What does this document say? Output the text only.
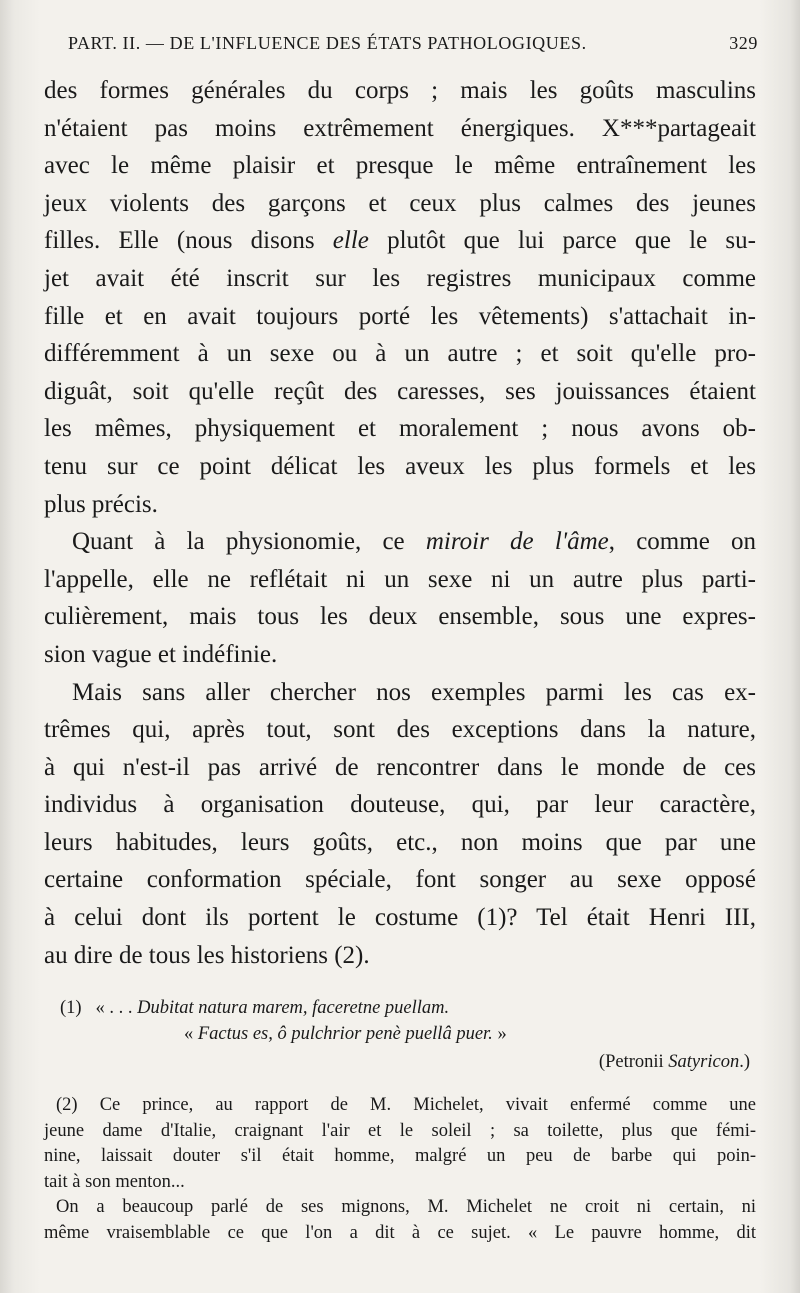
PART. II. — DE L'INFLUENCE DES ÉTATS PATHOLOGIQUES.	329

des formes générales du corps ; mais les goûts masculins

n'étaient pas moins extrêmement énergiques. X***partageait

avec le même plaisir et presque le même entraînement les

jeux violents des garçons et ceux plus calmes des jeunes

filles. Elle (nous disons elle plutôt que lui parce que le su-

jet avait été inscrit sur les registres municipaux comme

fille et en avait toujours porté les vêtements) s'attachait in-

différemment à un sexe ou à un autre ; et soit qu'elle pro-

diguât, soit qu'elle reçût des caresses, ses jouissances étaient

les mêmes, physiquement et moralement ; nous avons ob-

tenu sur ce point délicat les aveux les plus formels et les

plus précis.

Quant à la physionomie, ce miroir de l'âme, comme on

l'appelle, elle ne reflétait ni un sexe ni un autre plus parti-

culièrement, mais tous les deux ensemble, sous une expres-

sion vague et indéfinie.

Mais sans aller chercher nos exemples parmi les cas ex-

trêmes qui, après tout, sont des exceptions dans la nature,

à qui n'est-il pas arrivé de rencontrer dans le monde de ces

individus à organisation douteuse, qui, par leur caractère,

leurs habitudes, leurs goûts, etc., non moins que par une

certaine conformation spéciale, font songer au sexe opposé

à celui dont ils portent le costume (1)? Tel était Henri III,

au dire de tous les historiens (2).

(1) « . . . Dubitat natura marem, faceretne puellam.
« Factus es, ô pulchrior penè puellâ puer. »
(Petronii Satyricon.)

(2) Ce prince, au rapport de M. Michelet, vivait enfermé comme une

jeune dame d'Italie, craignant l'air et le soleil ; sa toilette, plus que fémi-

nine, laissait douter s'il était homme, malgré un peu de barbe qui poin-

tait à son menton...

On a beaucoup parlé de ses mignons, M. Michelet ne croit ni certain, ni

même vraisemblable ce que l'on a dit à ce sujet. « Le pauvre homme, dit
